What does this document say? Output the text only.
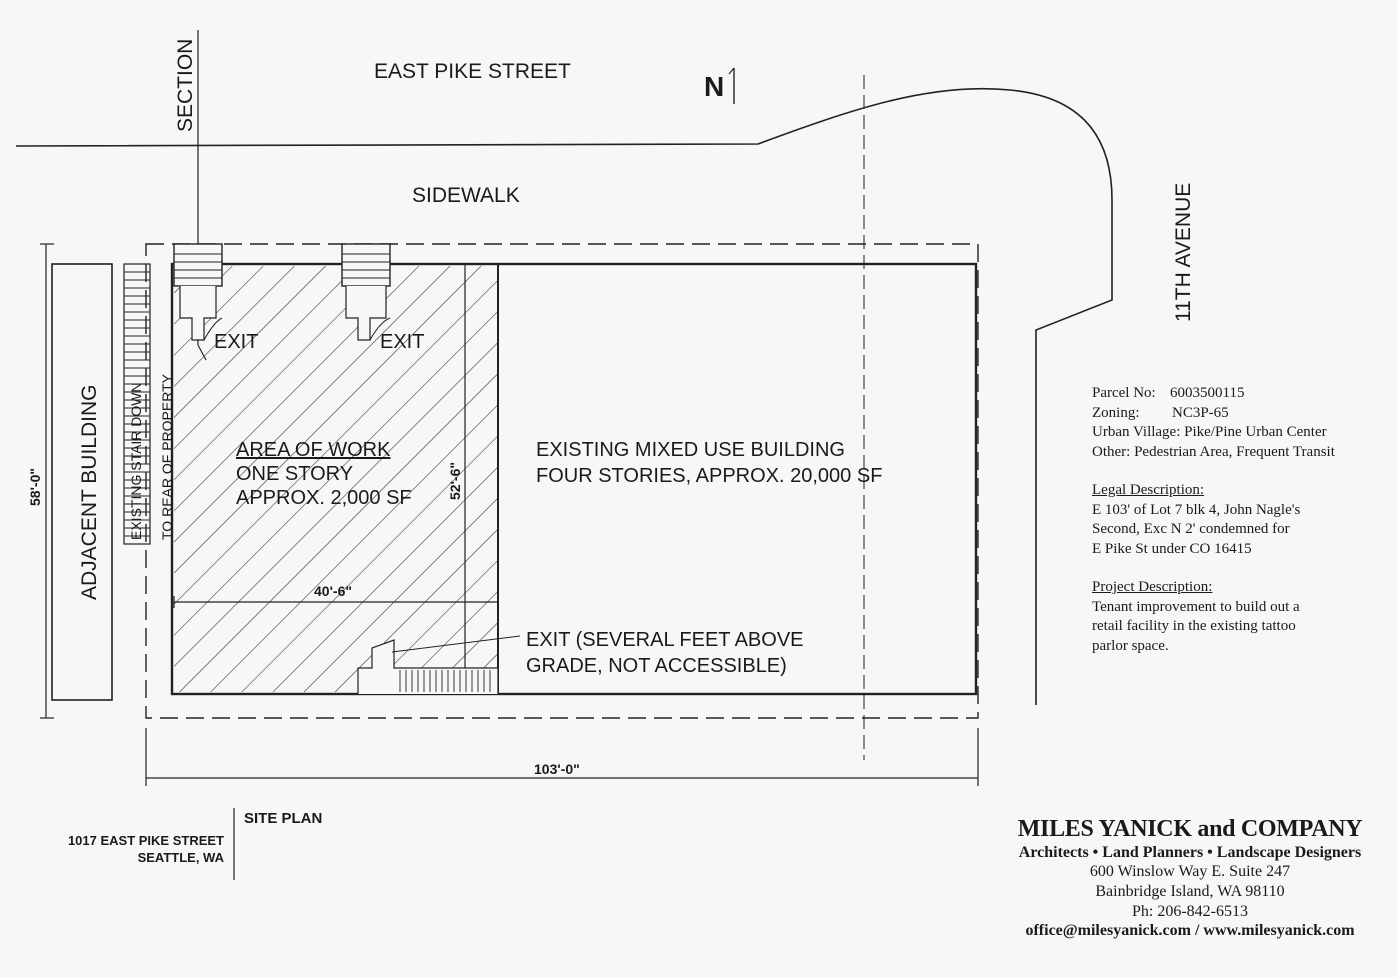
EAST PIKE STREET	N
SECTION
SIDEWALK	11TH AVENUE
ADJACENT BUILDING EXISTING STAIR DOWN TO REAR OF PROPERTY
EXIT	EXIT
AREA OF WORK
ONE STORY
APPROX. 2,000 SF
EXISTING MIXED USE BUILDING
FOUR STORIES, APPROX. 20,000 SF
EXIT (SEVERAL FEET ABOVE
GRADE, NOT ACCESSIBLE)
58'-0"	52'-6"
40'-6"
103'-0"
Parcel No: 6003500115
Zoning: NC3P-65
Urban Village: Pike/Pine Urban Center
Other: Pedestrian Area, Frequent Transit
Legal Description:
E 103' of Lot 7 blk 4, John Nagle's
Second, Exc N 2' condemned for
E Pike St under CO 16415
Project Description:
Tenant improvement to build out a
retail facility in the existing tattoo
parlor space.
SITE PLAN
1017 EAST PIKE STREET
SEATTLE, WA
MILES YANICK and COMPANY
Architects • Land Planners • Landscape Designers
600 Winslow Way E. Suite 247
Bainbridge Island, WA 98110
Ph: 206-842-6513
office@milesyanick.com / www.milesyanick.com
